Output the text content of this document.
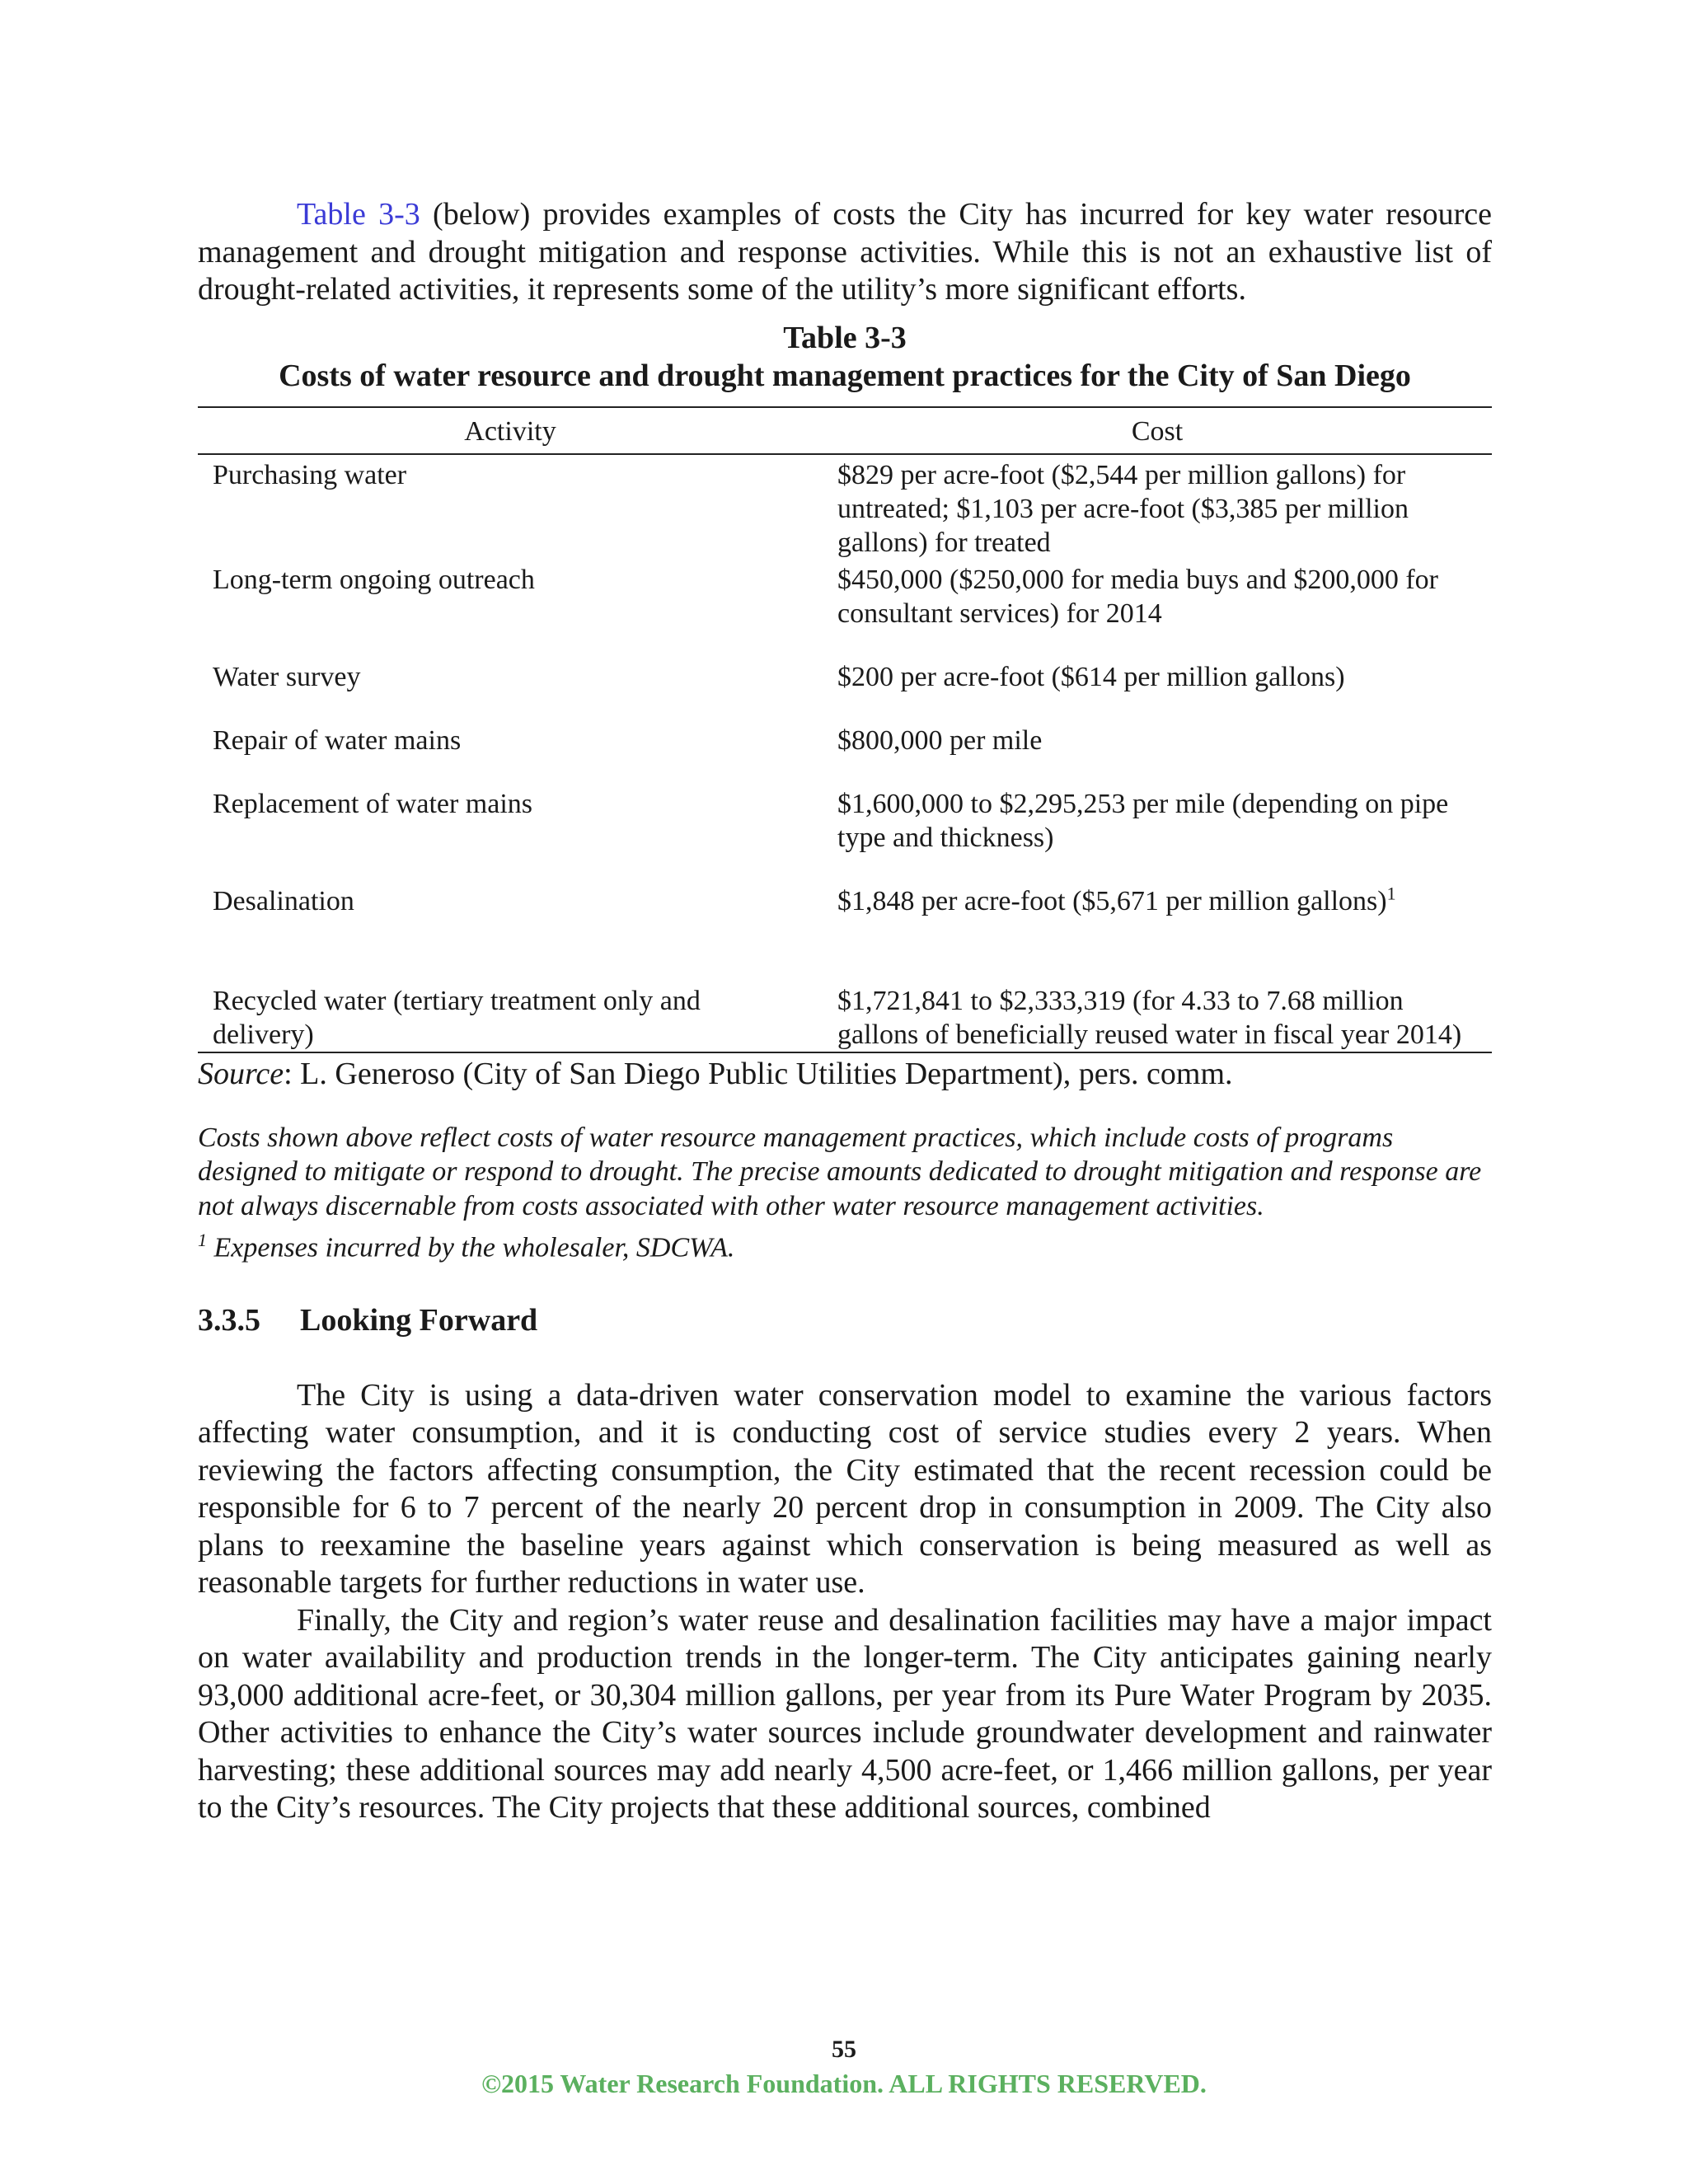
Table 3-3 (below) provides examples of costs the City has incurred for key water resource management and drought mitigation and response activities. While this is not an exhaustive list of drought-related activities, it represents some of the utility’s more significant efforts.

Table 3-3
Costs of water resource and drought management practices for the City of San Diego
Activity	Cost
Purchasing water	$829 per acre-foot ($2,544 per million gallons) for untreated; $1,103 per acre-foot ($3,385 per million gallons) for treated
Long-term ongoing outreach	$450,000 ($250,000 for media buys and $200,000 for consultant services) for 2014
Water survey	$200 per acre-foot ($614 per million gallons)
Repair of water mains	$800,000 per mile
Replacement of water mains	$1,600,000 to $2,295,253 per mile (depending on pipe type and thickness)
Desalination	$1,848 per acre-foot ($5,671 per million gallons)$^1$
Recycled water (tertiary treatment only and delivery)	$1,721,841 to $2,333,319 (for 4.33 to 7.68 million gallons of beneficially reused water in fiscal year 2014)
Source: L. Generoso (City of San Diego Public Utilities Department), pers. comm.
Costs shown above reflect costs of water resource management practices, which include costs of programs designed to mitigate or respond to drought. The precise amounts dedicated to drought mitigation and response are not always discernable from costs associated with other water resource management activities.
$^1$ Expenses incurred by the wholesaler, SDCWA.
3.3.5 Looking Forward

The City is using a data-driven water conservation model to examine the various factors affecting water consumption, and it is conducting cost of service studies every 2 years. When reviewing the factors affecting consumption, the City estimated that the recent recession could be responsible for 6 to 7 percent of the nearly 20 percent drop in consumption in 2009. The City also plans to reexamine the baseline years against which conservation is being measured as well as reasonable targets for further reductions in water use.

Finally, the City and region’s water reuse and desalination facilities may have a major impact on water availability and production trends in the longer-term. The City anticipates gaining nearly 93,000 additional acre-feet, or 30,304 million gallons, per year from its Pure Water Program by 2035. Other activities to enhance the City’s water sources include groundwater development and rainwater harvesting; these additional sources may add nearly 4,500 acre-feet, or 1,466 million gallons, per year to the City’s resources. The City projects that these additional sources, combined

55
©2015 Water Research Foundation. ALL RIGHTS RESERVED.
